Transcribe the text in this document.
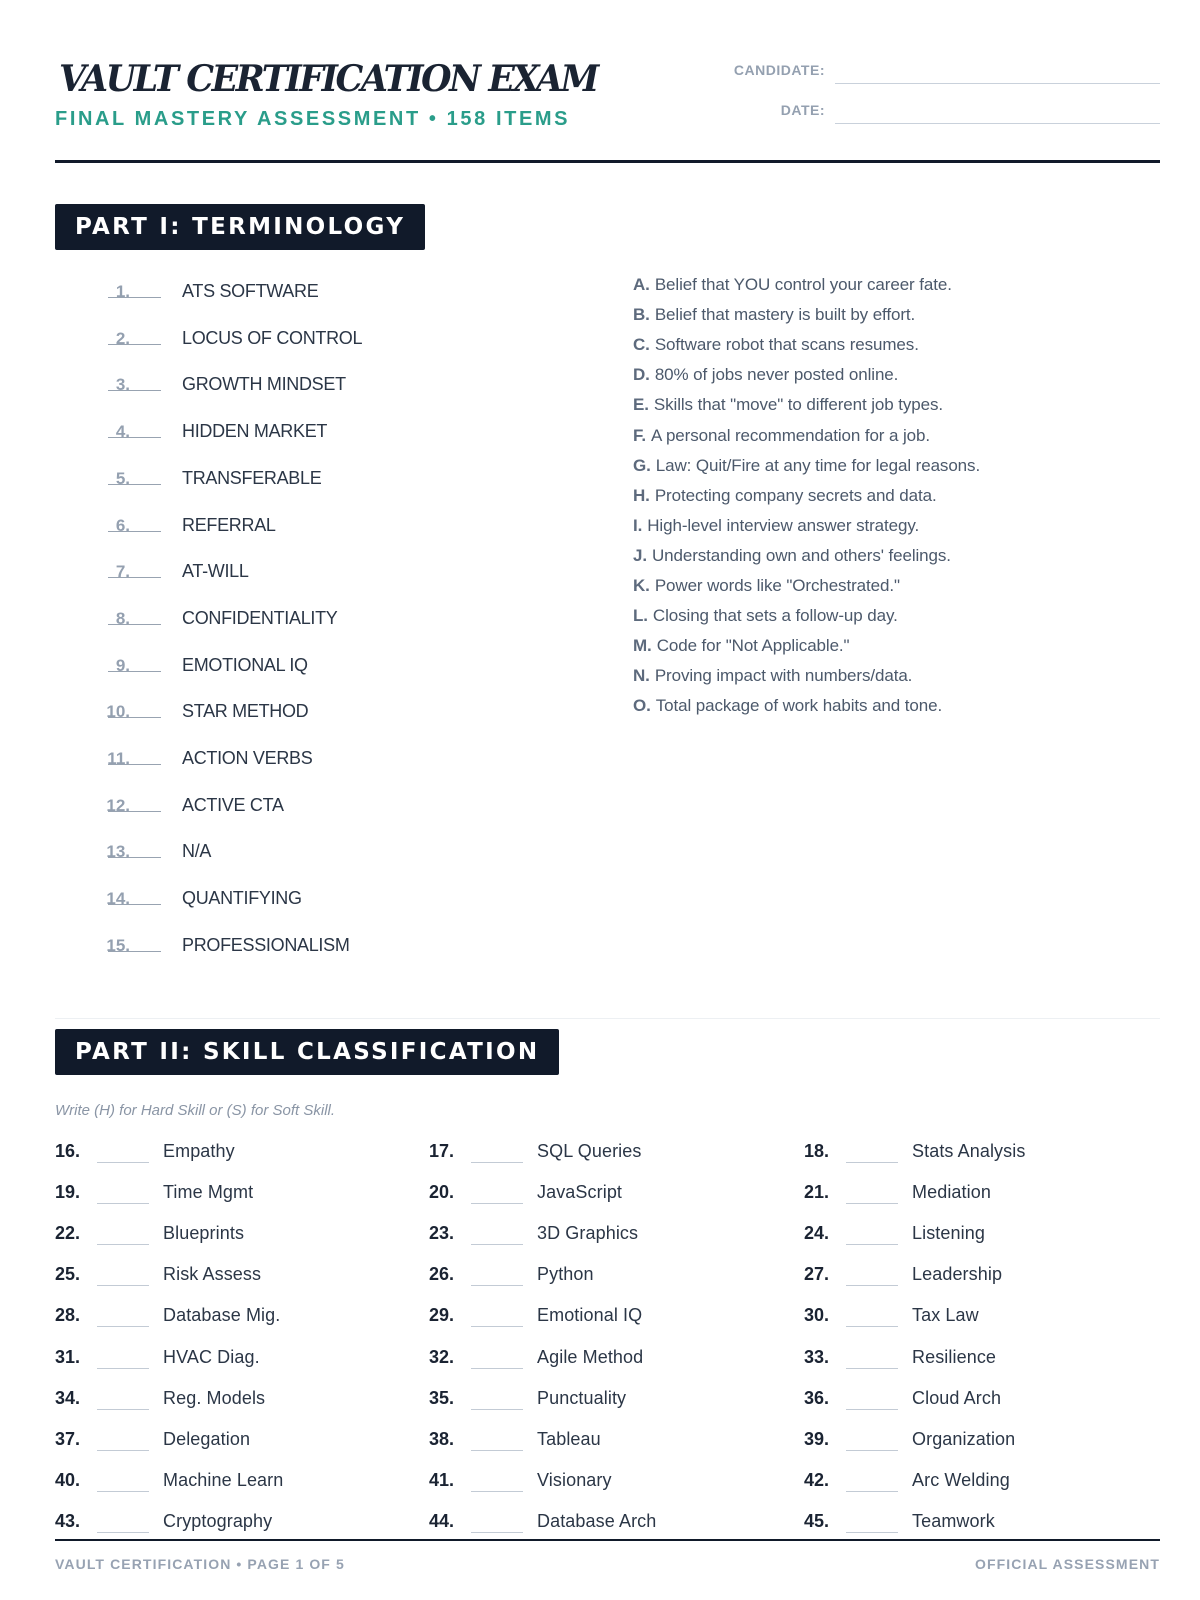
VAULT CERTIFICATION EXAM

FINAL MASTERY ASSESSMENT • 158 ITEMS

CANDIDATE:
DATE:
PART I: TERMINOLOGY
1.	ATS SOFTWARE
2.	LOCUS OF CONTROL
3.	GROWTH MINDSET
4.	HIDDEN MARKET
5.	TRANSFERABLE
6.	REFERRAL
7.	AT-WILL
8.	CONFIDENTIALITY
9.	EMOTIONAL IQ
10.	STAR METHOD
11.	ACTION VERBS
12.	ACTIVE CTA
13.	N/A
14.	QUANTIFYING
15.	PROFESSIONALISM
A. Belief that YOU control your career fate.
B. Belief that mastery is built by effort.
C. Software robot that scans resumes.
D. 80% of jobs never posted online.
E. Skills that "move" to different job types.
F. A personal recommendation for a job.
G. Law: Quit/Fire at any time for legal reasons.
H. Protecting company secrets and data.
I. High-level interview answer strategy.
J. Understanding own and others' feelings.
K. Power words like "Orchestrated."
L. Closing that sets a follow-up day.
M. Code for "Not Applicable."
N. Proving impact with numbers/data.
O. Total package of work habits and tone.
PART II: SKILL CLASSIFICATION

Write (H) for Hard Skill or (S) for Soft Skill.

16.	Empathy	17.	SQL Queries	18.	Stats Analysis
19.	Time Mgmt	20.	JavaScript	21.	Mediation
22.	Blueprints	23.	3D Graphics	24.	Listening
25.	Risk Assess	26.	Python	27.	Leadership
28.	Database Mig.	29.	Emotional IQ	30.	Tax Law
31.	HVAC Diag.	32.	Agile Method	33.	Resilience
34.	Reg. Models	35.	Punctuality	36.	Cloud Arch
37.	Delegation	38.	Tableau	39.	Organization
40.	Machine Learn	41.	Visionary	42.	Arc Welding
43.	Cryptography	44.	Database Arch	45.	Teamwork
VAULT CERTIFICATION • PAGE 1 OF 5	OFFICIAL ASSESSMENT
